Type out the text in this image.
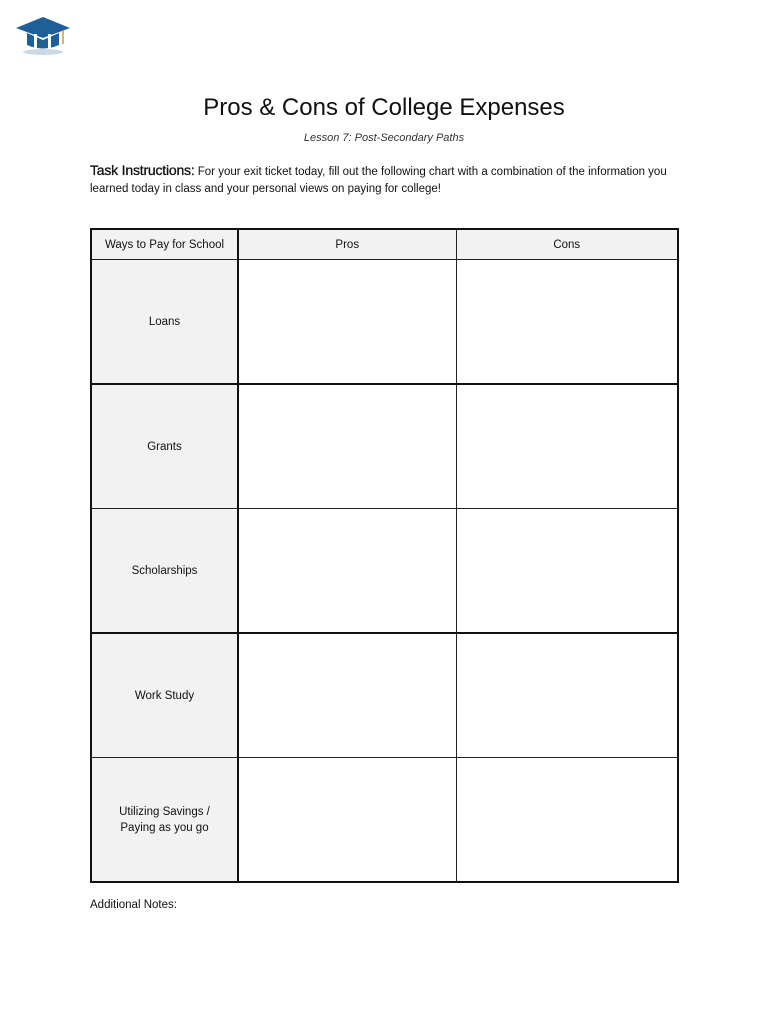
Pros & Cons of College Expenses
Lesson 7: Post-Secondary Paths
Task Instructions: For your exit ticket today, fill out the following chart with a combination of the information you learned today in class and your personal views on paying for college!
Ways to Pay for School	Pros	Cons
Loans		
Grants		
Scholarships		
Work Study		
Utilizing Savings / Paying as you go		
Additional Notes:
